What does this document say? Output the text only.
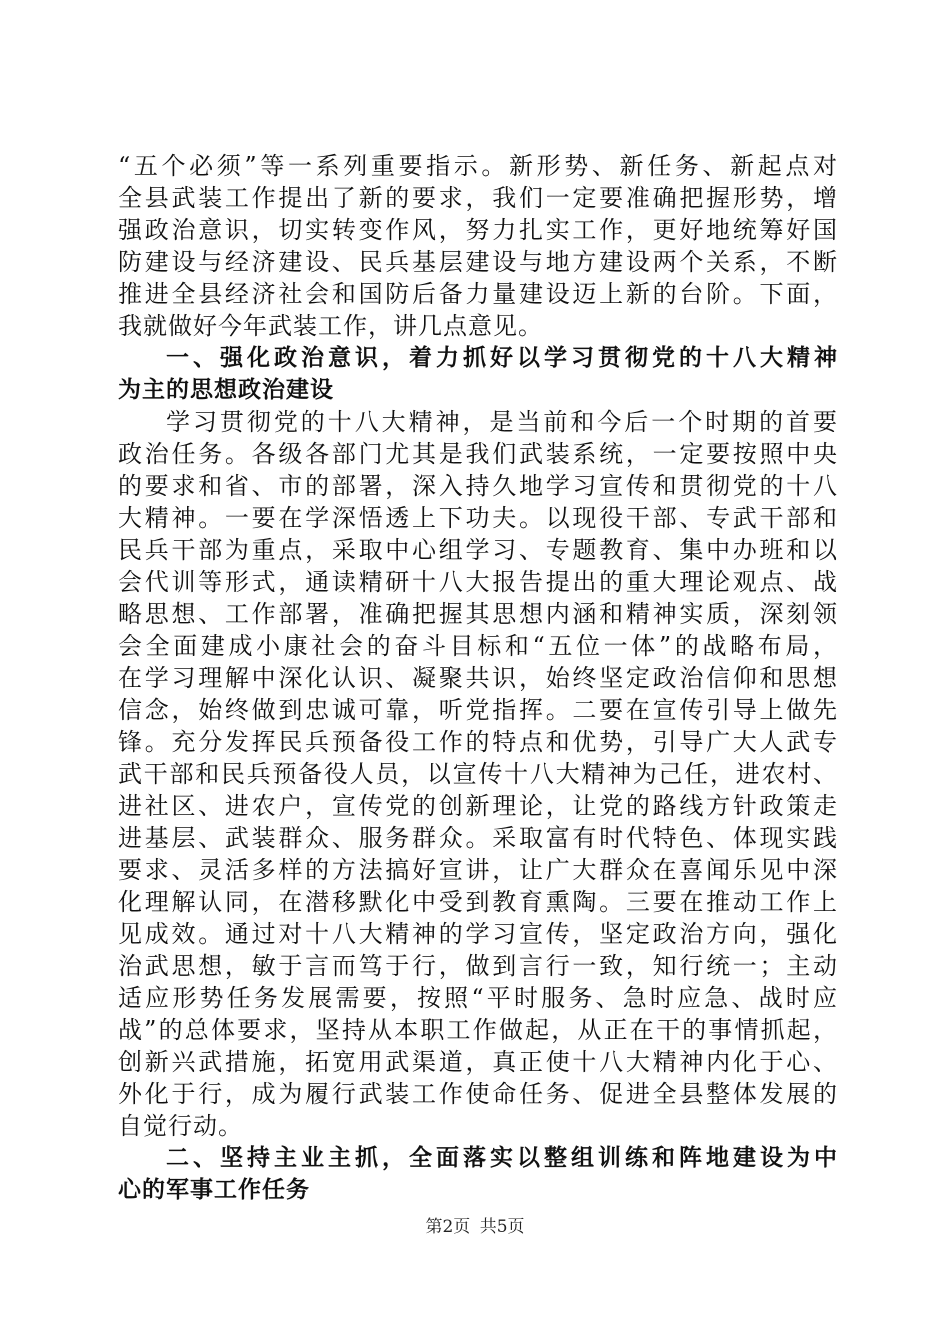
“五个必须”等一系列重要指示。新形势、新任务、新起点对
全县武装工作提出了新的要求，我们一定要准确把握形势，增
强政治意识，切实转变作风，努力扎实工作，更好地统筹好国
防建设与经济建设、民兵基层建设与地方建设两个关系，不断
推进全县经济社会和国防后备力量建设迈上新的台阶。下面，
我就做好今年武装工作，讲几点意见。
一、强化政治意识，着力抓好以学习贯彻党的十八大精神
为主的思想政治建设
学习贯彻党的十八大精神，是当前和今后一个时期的首要
政治任务。各级各部门尤其是我们武装系统，一定要按照中央
的要求和省、市的部署，深入持久地学习宣传和贯彻党的十八
大精神。一要在学深悟透上下功夫。以现役干部、专武干部和
民兵干部为重点，采取中心组学习、专题教育、集中办班和以
会代训等形式，通读精研十八大报告提出的重大理论观点、战
略思想、工作部署，准确把握其思想内涵和精神实质，深刻领
会全面建成小康社会的奋斗目标和“五位一体”的战略布局，
在学习理解中深化认识、凝聚共识，始终坚定政治信仰和思想
信念，始终做到忠诚可靠，听党指挥。二要在宣传引导上做先
锋。充分发挥民兵预备役工作的特点和优势，引导广大人武专
武干部和民兵预备役人员，以宣传十八大精神为己任，进农村、
进社区、进农户，宣传党的创新理论，让党的路线方针政策走
进基层、武装群众、服务群众。采取富有时代特色、体现实践
要求、灵活多样的方法搞好宣讲，让广大群众在喜闻乐见中深
化理解认同，在潜移默化中受到教育熏陶。三要在推动工作上
见成效。通过对十八大精神的学习宣传，坚定政治方向，强化
治武思想，敏于言而笃于行，做到言行一致，知行统一；主动
适应形势任务发展需要，按照“平时服务、急时应急、战时应
战”的总体要求，坚持从本职工作做起，从正在干的事情抓起，
创新兴武措施，拓宽用武渠道，真正使十八大精神内化于心、
外化于行，成为履行武装工作使命任务、促进全县整体发展的
自觉行动。
二、坚持主业主抓，全面落实以整组训练和阵地建设为中
心的军事工作任务
第2页 共5页
